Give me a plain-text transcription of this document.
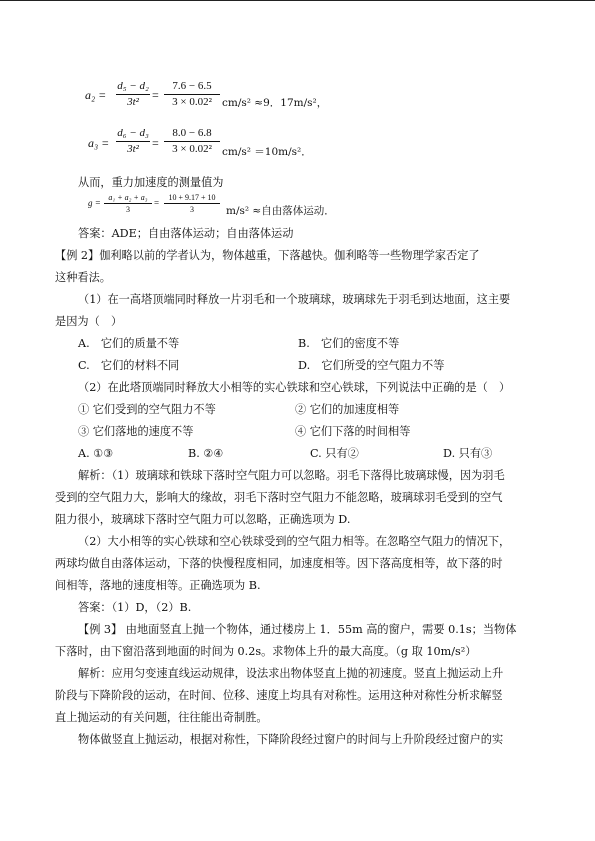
a₂ =
d₅ − d₂
3t²	=
7.6 − 6.5
3 × 0.02² cm/s² ≈9．17m/s²，
a₃ =
d₆ − d₃
3t²	=
8.0 − 6.8
3 × 0.02² cm/s² ＝10m/s²．
从而，重力加速度的测量值为
g =
a₁ + a₂ + a₃
3
=
10 + 9.17 + 10
3	m/s² ≈自由落体运动．
答案：ADE；自由落体运动；自由落体运动
【例 2】伽利略以前的学者认为，物体越重，下落越快。伽利略等一些物理学家否定了
这种看法。
（1）在一高塔顶端同时释放一片羽毛和一个玻璃球，玻璃球先于羽毛到达地面，这主要
是因为（　）
A.　它们的质量不等	B.　它们的密度不等
C.　它们的材料不同	D.　它们所受的空气阻力不等
（2）在此塔顶端同时释放大小相等的实心铁球和空心铁球，下列说法中正确的是（　）
① 它们受到的空气阻力不等	② 它们的加速度相等
③ 它们落地的速度不等	④ 它们下落的时间相等
A. ①③	B. ②④	C. 只有②	D. 只有③
解析：（1）玻璃球和铁球下落时空气阻力可以忽略。羽毛下落得比玻璃球慢，因为羽毛
受到的空气阻力大，影响大的缘故，羽毛下落时空气阻力不能忽略，玻璃球羽毛受到的空气
阻力很小，玻璃球下落时空气阻力可以忽略，正确选项为 D.
（2）大小相等的实心铁球和空心铁球受到的空气阻力相等。在忽略空气阻力的情况下，
两球均做自由落体运动，下落的快慢程度相同，加速度相等。因下落高度相等，故下落的时
间相等，落地的速度相等。正确选项为 B.
答案：（1）D，（2）B.
【例 3】 由地面竖直上抛一个物体，通过楼房上 1．55m 高的窗户，需要 0.1s；当物体
下落时，由下窗沿落到地面的时间为 0.2s。求物体上升的最大高度。（g 取 10m/s²）
解析：应用匀变速直线运动规律，设法求出物体竖直上抛的初速度。竖直上抛运动上升
阶段与下降阶段的运动，在时间、位移、速度上均具有对称性。运用这种对称性分析求解竖
直上抛运动的有关问题，往往能出奇制胜。
物体做竖直上抛运动，根据对称性，下降阶段经过窗户的时间与上升阶段经过窗户的实
